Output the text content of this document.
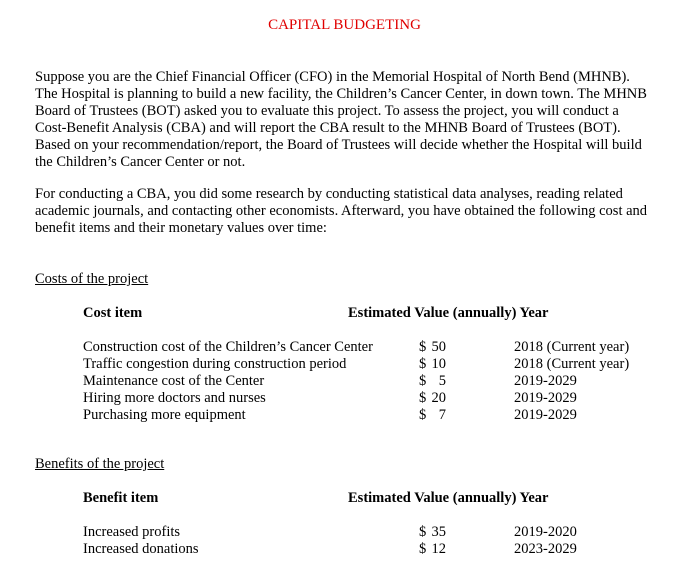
CAPITAL BUDGETING

Suppose you are the Chief Financial Officer (CFO) in the Memorial Hospital of North Bend (MHNB).
The Hospital is planning to build a new facility, the Children’s Cancer Center, in down town. The MHNB
Board of Trustees (BOT) asked you to evaluate this project. To assess the project, you will conduct a
Cost-Benefit Analysis (CBA) and will report the CBA result to the MHNB Board of Trustees (BOT).
Based on your recommendation/report, the Board of Trustees will decide whether the Hospital will build
the Children’s Cancer Center or not.

For conducting a CBA, you did some research by conducting statistical data analyses, reading related
academic journals, and contacting other economists. Afterward, you have obtained the following cost and
benefit items and their monetary values over time:

Costs of the project
Cost item	Estimated Value (annually) Year
Construction cost of the Children’s Cancer Center	$ 50	2018 (Current year)
Traffic congestion during construction period	$ 10	2018 (Current year)
Maintenance cost of the Center	$ 5	2019-2029
Hiring more doctors and nurses	$ 20	2019-2029
Purchasing more equipment	$ 7	2019-2029
Benefits of the project
Benefit item	Estimated Value (annually) Year
Increased profits	$ 35	2019-2020
Increased donations	$ 12	2023-2029
